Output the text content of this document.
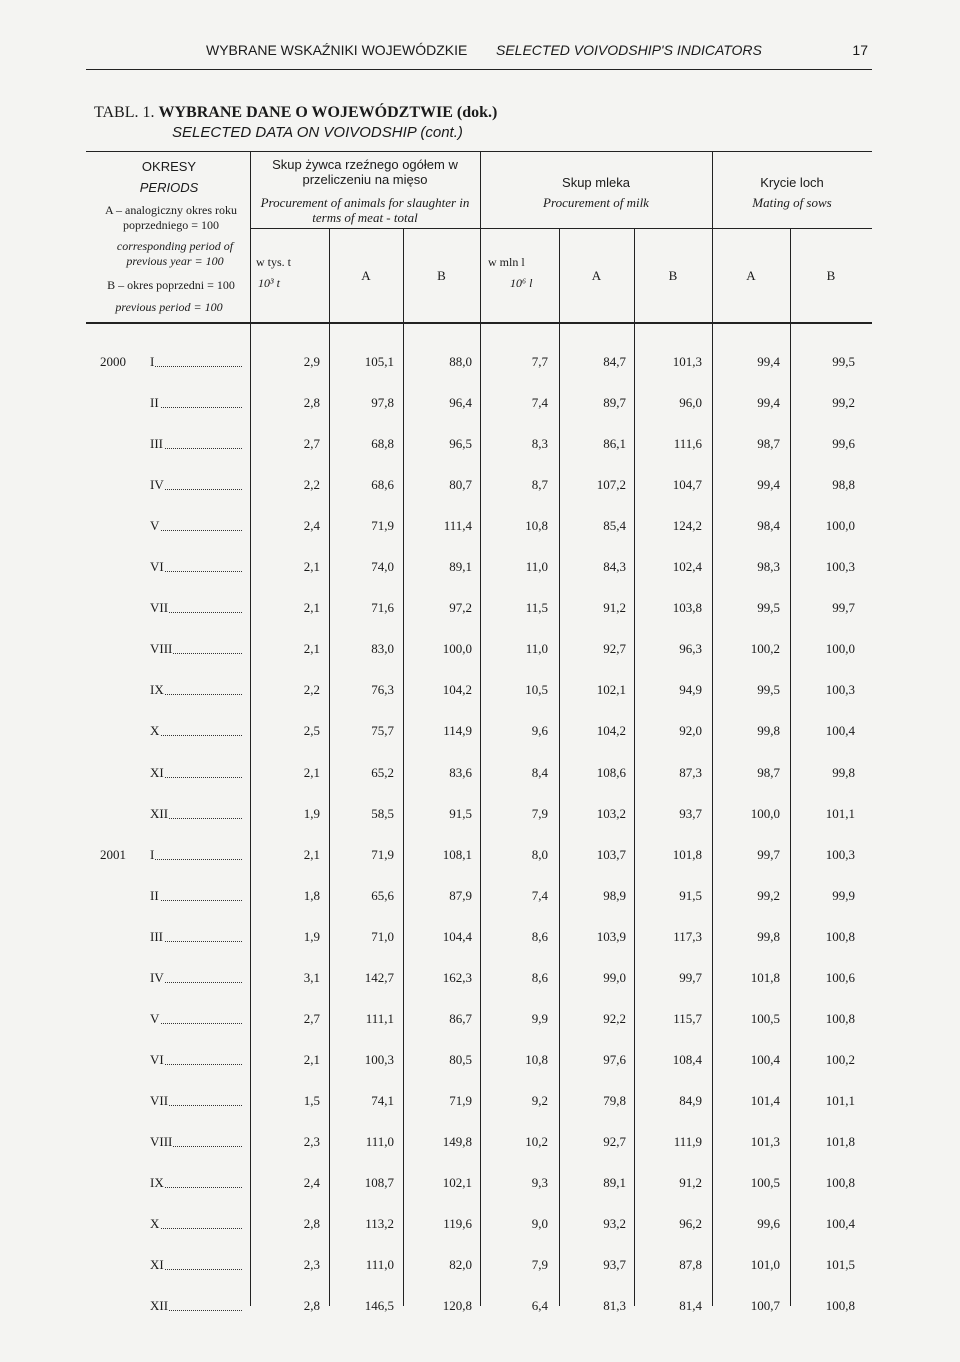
WYBRANE WSKAŹNIKI WOJEWÓDZKIE SELECTED VOIVODSHIP'S INDICATORS	17
TABL. 1. WYBRANE DANE O WOJEWÓDZTWIE (dok.)
SELECTED DATA ON VOIVODSHIP (cont.)
OKRESY
PERIODS
A – analogiczny okres roku poprzedniego = 100
corresponding period of previous year = 100
B – okres poprzedni = 100
previous period = 100
Skup żywca rzeźnego ogółem w przeliczeniu na mięso
Procurement of animals for slaughter in terms of meat - total
Skup mleka
Procurement of milk
Krycie loch
Mating of sows
w tys. t
10³ t	A	B
w mln l
10⁶ l	A	B	A	B
2000 I	2,9	105,1	88,0	7,7	84,7	101,3	99,4	99,5
II	2,8	97,8	96,4	7,4	89,7	96,0	99,4	99,2
III	2,7	68,8	96,5	8,3	86,1	111,6	98,7	99,6
IV	2,2	68,6	80,7	8,7	107,2	104,7	99,4	98,8
V	2,4	71,9	111,4	10,8	85,4	124,2	98,4	100,0
VI	2,1	74,0	89,1	11,0	84,3	102,4	98,3	100,3
VII	2,1	71,6	97,2	11,5	91,2	103,8	99,5	99,7
VIII	2,1	83,0	100,0	11,0	92,7	96,3	100,2	100,0
IX	2,2	76,3	104,2	10,5	102,1	94,9	99,5	100,3
X	2,5	75,7	114,9	9,6	104,2	92,0	99,8	100,4
XI	2,1	65,2	83,6	8,4	108,6	87,3	98,7	99,8
XII	1,9	58,5	91,5	7,9	103,2	93,7	100,0	101,1
2001 I	2,1	71,9	108,1	8,0	103,7	101,8	99,7	100,3
II	1,8	65,6	87,9	7,4	98,9	91,5	99,2	99,9
III	1,9	71,0	104,4	8,6	103,9	117,3	99,8	100,8
IV	3,1	142,7	162,3	8,6	99,0	99,7	101,8	100,6
V	2,7	111,1	86,7	9,9	92,2	115,7	100,5	100,8
VI	2,1	100,3	80,5	10,8	97,6	108,4	100,4	100,2
VII	1,5	74,1	71,9	9,2	79,8	84,9	101,4	101,1
VIII	2,3	111,0	149,8	10,2	92,7	111,9	101,3	101,8
IX	2,4	108,7	102,1	9,3	89,1	91,2	100,5	100,8
X	2,8	113,2	119,6	9,0	93,2	96,2	99,6	100,4
XI	2,3	111,0	82,0	7,9	93,7	87,8	101,0	101,5
XII	2,8	146,5	120,8	6,4	81,3	81,4	100,7	100,8
